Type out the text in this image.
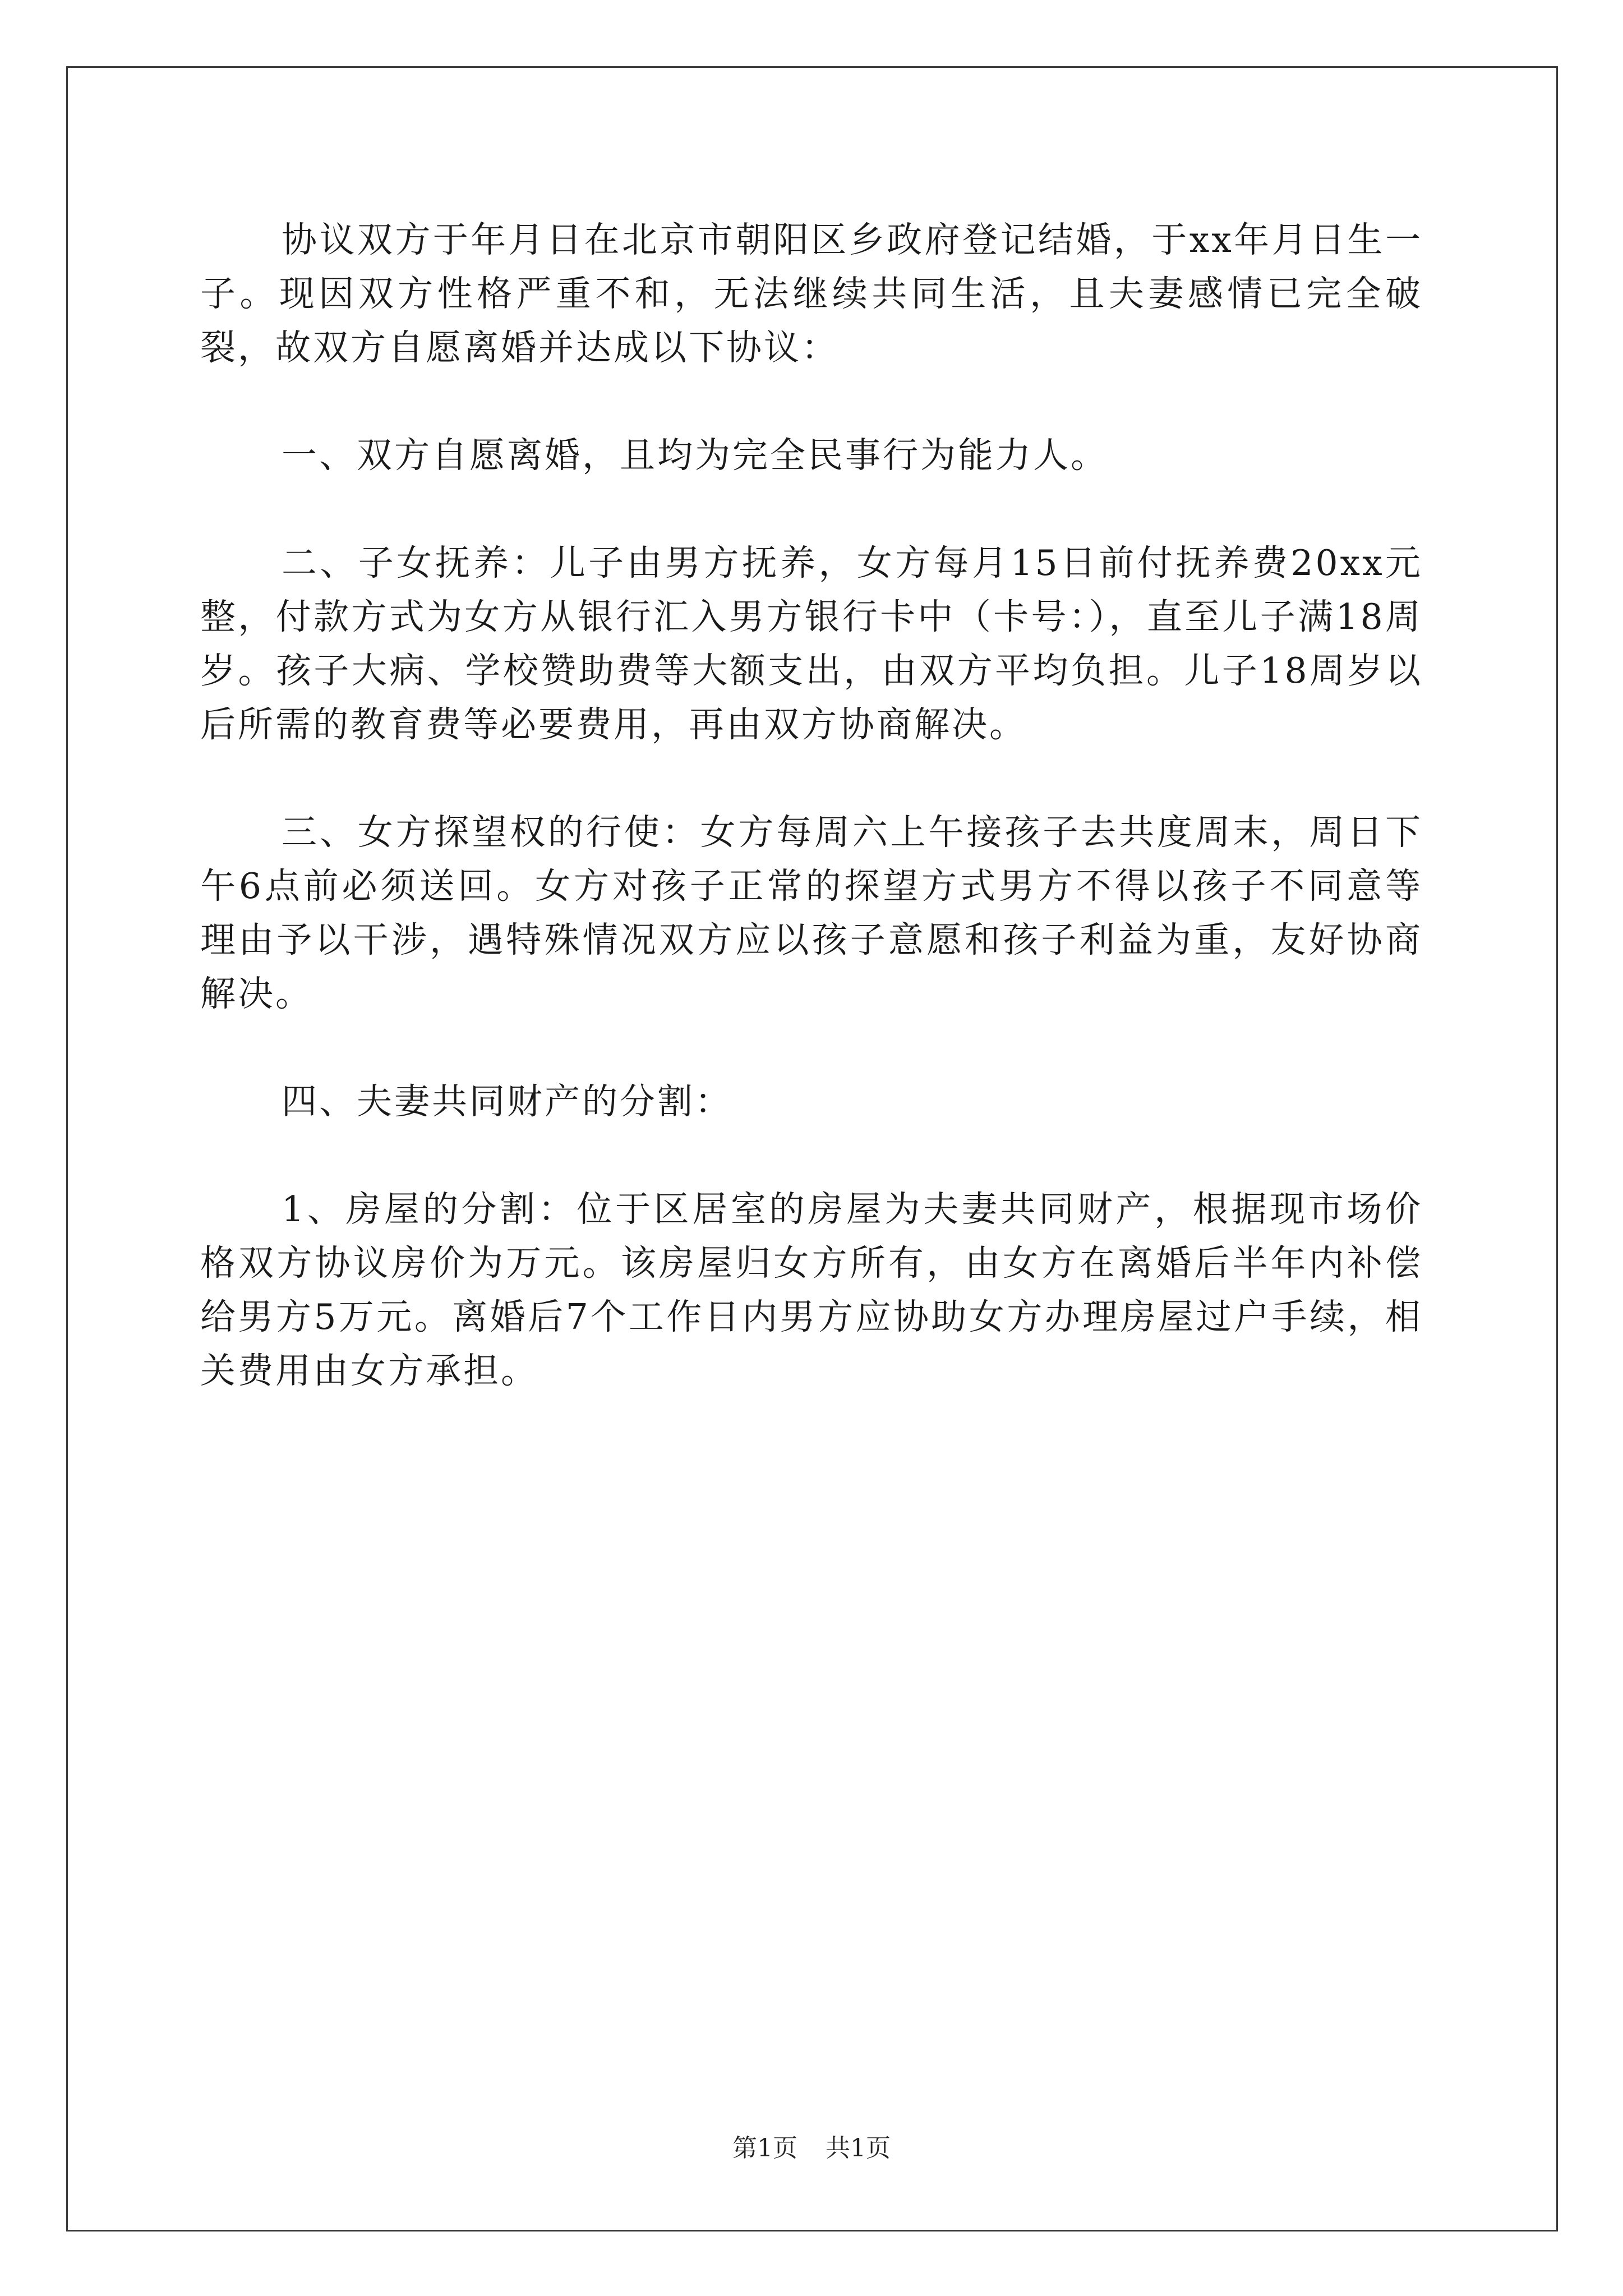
协议双方于年月日在北京市朝阳区乡政府登记结婚，于xx年月日生一子。现因双方性格严重不和，无法继续共同生活，且夫妻感情已完全破裂，故双方自愿离婚并达成以下协议：

一、双方自愿离婚，且均为完全民事行为能力人。

二、子女抚养：儿子由男方抚养，女方每月15日前付抚养费20xx元整，付款方式为女方从银行汇入男方银行卡中（卡号：），直至儿子满18周岁。孩子大病、学校赞助费等大额支出，由双方平均负担。儿子18周岁以后所需的教育费等必要费用，再由双方协商解决。

三、女方探望权的行使：女方每周六上午接孩子去共度周末，周日下午6点前必须送回。女方对孩子正常的探望方式男方不得以孩子不同意等理由予以干涉，遇特殊情况双方应以孩子意愿和孩子利益为重，友好协商解决。

四、夫妻共同财产的分割：

1、房屋的分割：位于区居室的房屋为夫妻共同财产，根据现市场价格双方协议房价为万元。该房屋归女方所有，由女方在离婚后半年内补偿给男方5万元。离婚后7个工作日内男方应协助女方办理房屋过户手续，相关费用由女方承担。

第1页 共1页
